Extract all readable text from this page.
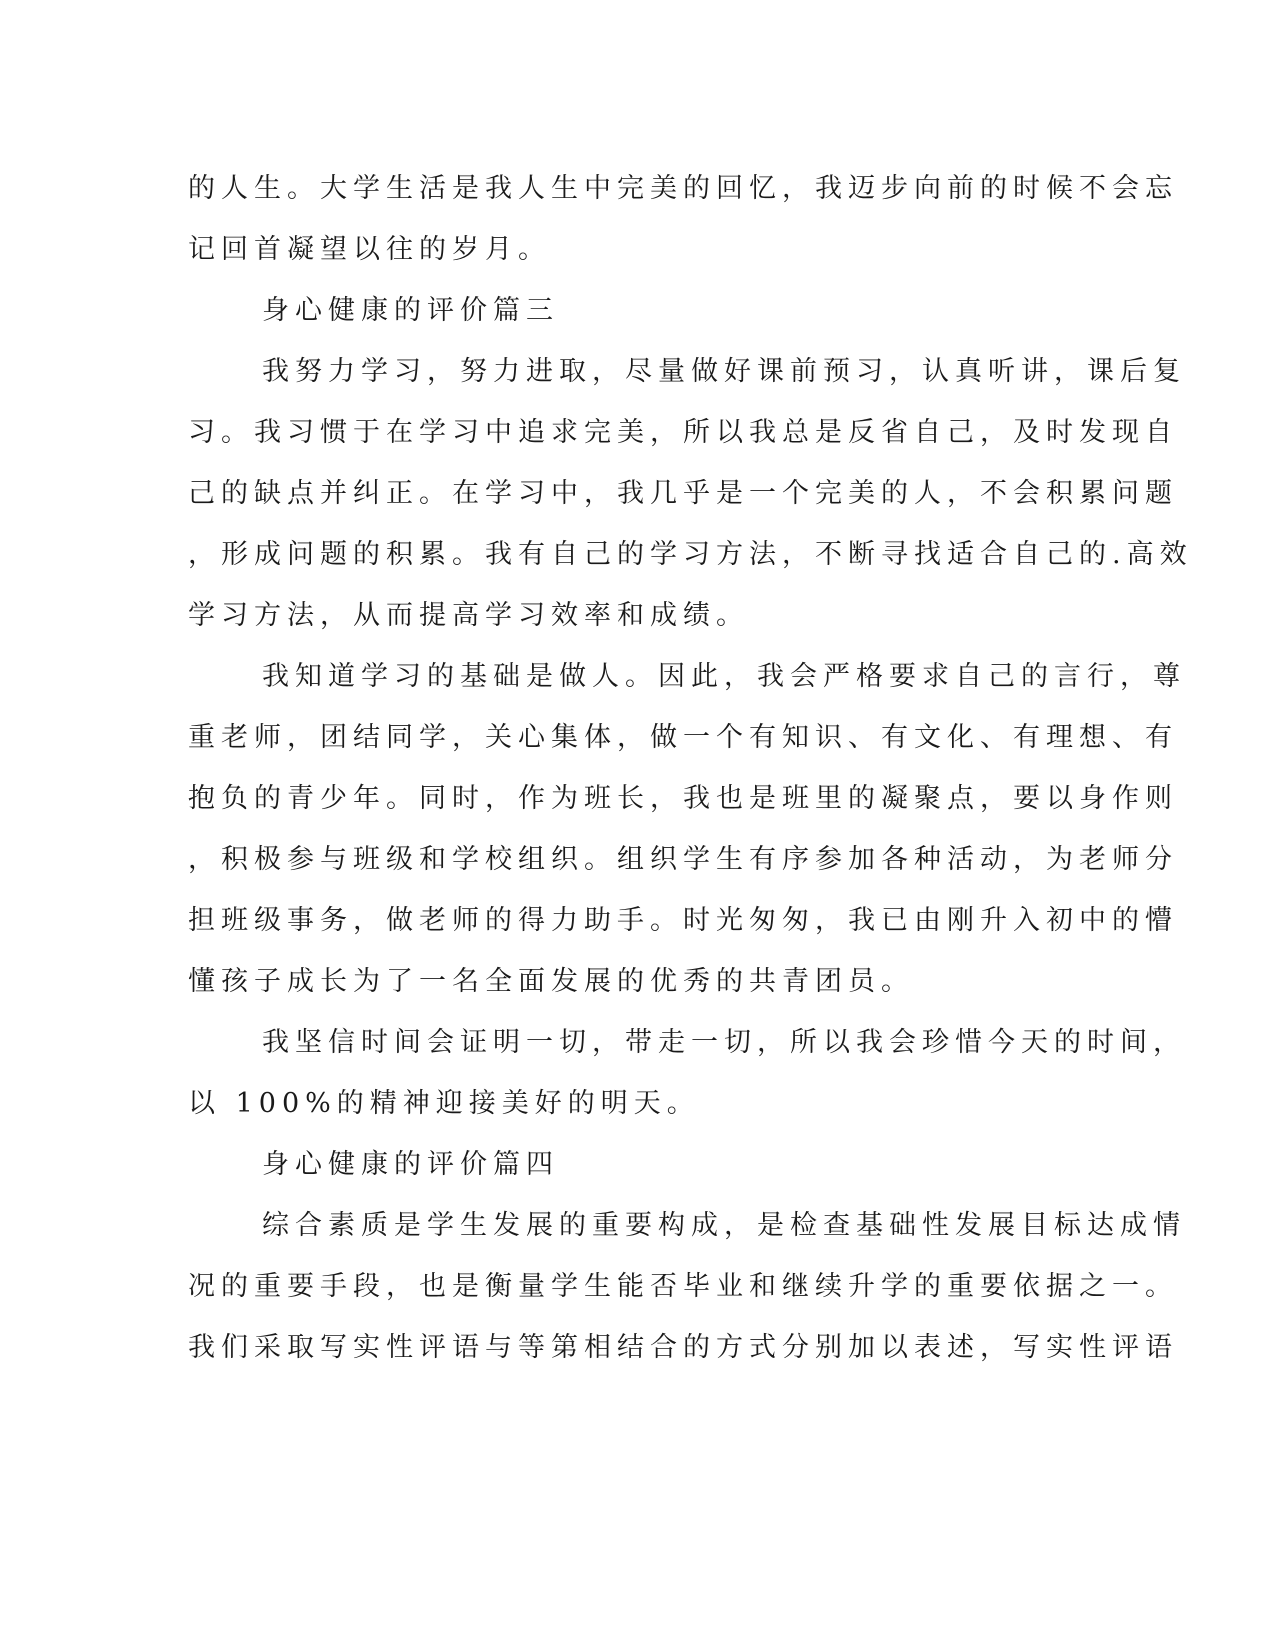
的人生。大学生活是我人生中完美的回忆，我迈步向前的时候不会忘
记回首凝望以往的岁月。
身心健康的评价篇三
我努力学习，努力进取，尽量做好课前预习，认真听讲，课后复
习。我习惯于在学习中追求完美，所以我总是反省自己，及时发现自
己的缺点并纠正。在学习中，我几乎是一个完美的人，不会积累问题
，形成问题的积累。我有自己的学习方法，不断寻找适合自己的.高效
学习方法，从而提高学习效率和成绩。
我知道学习的基础是做人。因此，我会严格要求自己的言行，尊
重老师，团结同学，关心集体，做一个有知识、有文化、有理想、有
抱负的青少年。同时，作为班长，我也是班里的凝聚点，要以身作则
，积极参与班级和学校组织。组织学生有序参加各种活动，为老师分
担班级事务，做老师的得力助手。时光匆匆，我已由刚升入初中的懵
懂孩子成长为了一名全面发展的优秀的共青团员。
我坚信时间会证明一切，带走一切，所以我会珍惜今天的时间，
以 100%的精神迎接美好的明天。
身心健康的评价篇四
综合素质是学生发展的重要构成，是检查基础性发展目标达成情
况的重要手段，也是衡量学生能否毕业和继续升学的重要依据之一。
我们采取写实性评语与等第相结合的方式分别加以表述，写实性评语
